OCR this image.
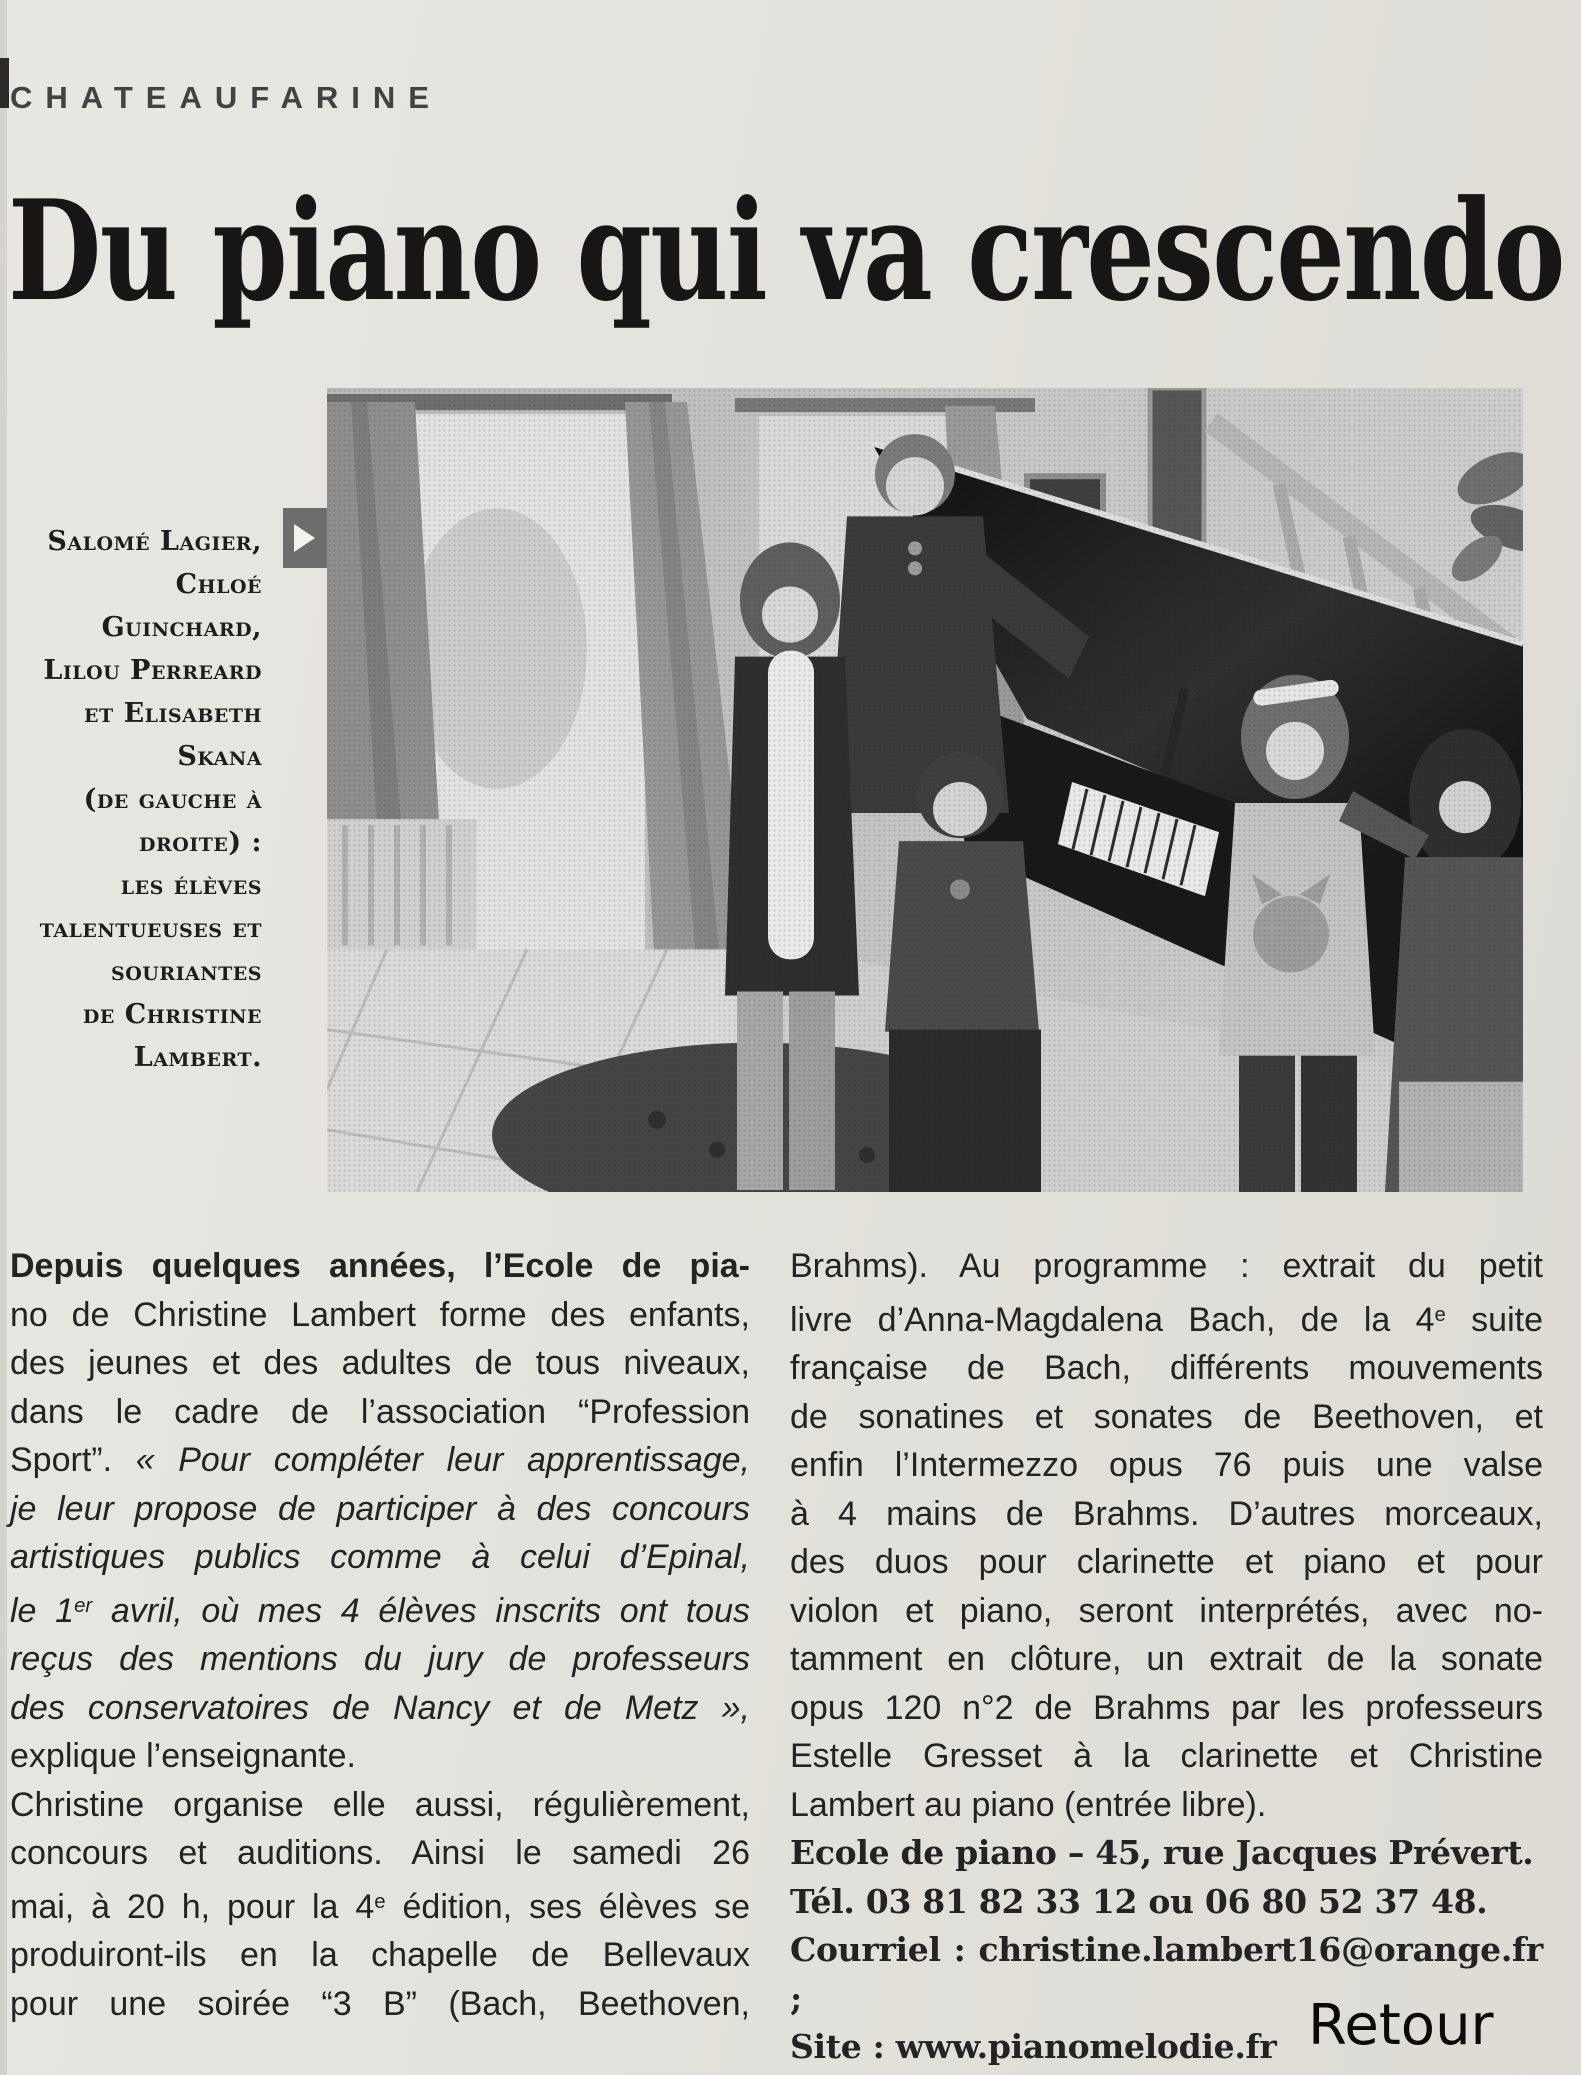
CHATEAUFARINE
Du piano qui va crescendo
Salomé Lagier,
Chloé Guinchard,
Lilou Perreard
et Elisabeth
Skana
(de gauche à
droite) :
les élèves
talentueuses et
souriantes
de Christine
Lambert.
Depuis quelques années, l’Ecole de pia-
no de Christine Lambert forme des enfants,
des jeunes et des adultes de tous niveaux,
dans le cadre de l’association “Profession
Sport”. « Pour compléter leur apprentissage,
je leur propose de participer à des concours
artistiques publics comme à celui d’Epinal,
le 1er avril, où mes 4 élèves inscrits ont tous
reçus des mentions du jury de professeurs
des conservatoires de Nancy et de Metz »,
explique l’enseignante.
Christine organise elle aussi, régulièrement,
concours et auditions. Ainsi le samedi 26
mai, à 20 h, pour la 4e édition, ses élèves se
produiront-ils en la chapelle de Bellevaux
pour une soirée “3 B” (Bach, Beethoven,
Brahms). Au programme : extrait du petit
livre d’Anna-Magdalena Bach, de la 4e suite
française de Bach, différents mouvements
de sonatines et sonates de Beethoven, et
enfin l’Intermezzo opus 76 puis une valse
à 4 mains de Brahms. D’autres morceaux,
des duos pour clarinette et piano et pour
violon et piano, seront interprétés, avec no-
tamment en clôture, un extrait de la sonate
opus 120 n°2 de Brahms par les professeurs
Estelle Gresset à la clarinette et Christine
Lambert au piano (entrée libre).
Ecole de piano – 45, rue Jacques Prévert.
Tél. 03 81 82 33 12 ou 06 80 52 37 48.
Courriel : christine.lambert16@orange.fr ;
Site : www.pianomelodie.fr Retour
